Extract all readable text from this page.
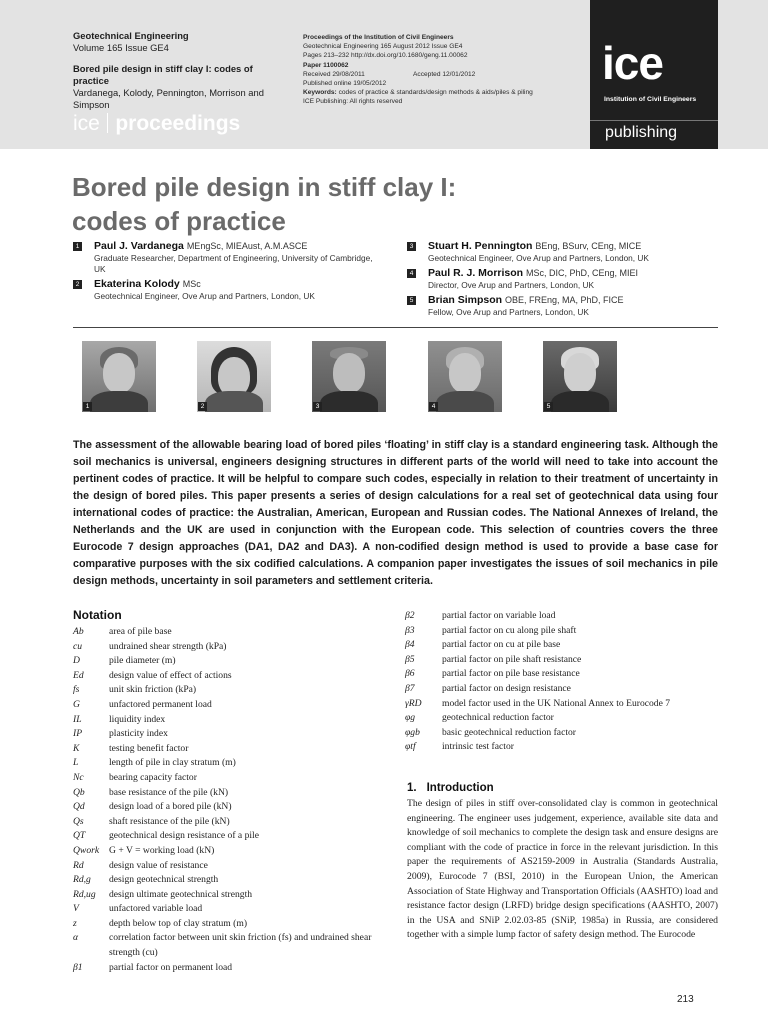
Geotechnical Engineering
Volume 165 Issue GE4
Bored pile design in stiff clay I: codes of practice
Vardanega, Kolody, Pennington, Morrison and Simpson
ice proceedings
Proceedings of the Institution of Civil Engineers
Geotechnical Engineering 165 August 2012 Issue GE4
Pages 213–232 http://dx.doi.org/10.1680/geng.11.00062
Paper 1100062
Received 29/08/2011	Accepted 12/01/2012
Published online 19/05/2012
Keywords: codes of practice & standards/design methods & aids/piles & piling
ICE Publishing: All rights reserved
ice
Institution of Civil Engineers
publishing
Bored pile design in stiff clay I: codes of practice
1 Paul J. Vardanega MEngSc, MIEAust, A.M.ASCE
Graduate Researcher, Department of Engineering, University of Cambridge, UK
2 Ekaterina Kolody MSc
Geotechnical Engineer, Ove Arup and Partners, London, UK
3 Stuart H. Pennington BEng, BSurv, CEng, MICE
Geotechnical Engineer, Ove Arup and Partners, London, UK
4 Paul R. J. Morrison MSc, DIC, PhD, CEng, MIEI
Director, Ove Arup and Partners, London, UK
5 Brian Simpson OBE, FREng, MA, PhD, FICE
Fellow, Ove Arup and Partners, London, UK
1	2	3	4	5

The assessment of the allowable bearing load of bored piles ‘floating’ in stiff clay is a standard engineering task. Although the soil mechanics is universal, engineers designing structures in different parts of the world will need to take into account the pertinent codes of practice. It will be helpful to compare such codes, especially in relation to their treatment of uncertainty in the design of bored piles. This paper presents a series of design calculations for a real set of geotechnical data using four international codes of practice: the Australian, American, European and Russian codes. The National Annexes of Ireland, the Netherlands and the UK are used in conjunction with the European code. This selection of countries covers the three Eurocode 7 design approaches (DA1, DA2 and DA3). A non-codified design method is used to provide a base case for comparative purposes with the six codified calculations. A companion paper investigates the issues of soil mechanics in pile design methods, uncertainty in soil parameters and settlement criteria.

Notation
Ab	area of pile base
cu	undrained shear strength (kPa)
D	pile diameter (m)
Ed	design value of effect of actions
fs	unit skin friction (kPa)
G	unfactored permanent load
IL	liquidity index
IP	plasticity index
K	testing benefit factor
L	length of pile in clay stratum (m)
Nc	bearing capacity factor
Qb	base resistance of the pile (kN)
Qd	design load of a bored pile (kN)
Qs	shaft resistance of the pile (kN)
QT	geotechnical design resistance of a pile
Qwork	G + V = working load (kN)
Rd	design value of resistance
Rd,g	design geotechnical strength
Rd,ug	design ultimate geotechnical strength
V	unfactored variable load
z	depth below top of clay stratum (m)
α	correlation factor between unit skin friction (fs) and undrained shear strength (cu)
β1	partial factor on permanent load
β2	partial factor on variable load
β3	partial factor on cu along pile shaft
β4	partial factor on cu at pile base
β5	partial factor on pile shaft resistance
β6	partial factor on pile base resistance
β7	partial factor on design resistance
γRD	model factor used in the UK National Annex to Eurocode 7
φg	geotechnical reduction factor
φgb	basic geotechnical reduction factor
φtf	intrinsic test factor
1. Introduction

The design of piles in stiff over-consolidated clay is common in geotechnical engineering. The engineer uses judgement, experience, available site data and knowledge of soil mechanics to complete the design task and ensure designs are compliant with the code of practice in force in the relevant jurisdiction. In this paper the requirements of AS2159-2009 in Australia (Standards Australia, 2009), Eurocode 7 (BSI, 2010) in the European Union, the American Association of State Highway and Transportation Officials (AASHTO) load and resistance factor design (LRFD) bridge design specifications (AASHTO, 2007) in the USA and SNiP 2.02.03-85 (SNiP, 1985a) in Russia, are considered together with a simple lump factor of safety design method. The Eurocode

213
